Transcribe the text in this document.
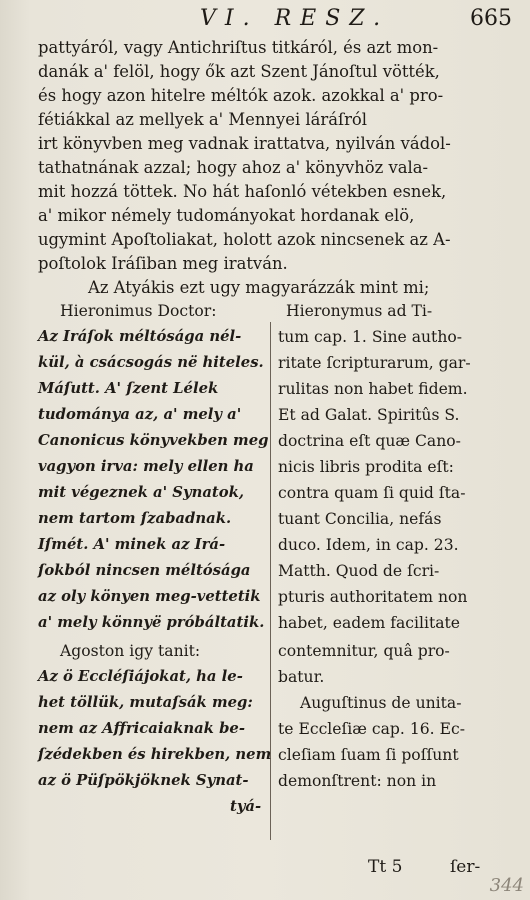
VI. RESZ.	665
pattyáról, vagy Antichriſtus titkáról, és azt mon-
danák a' felöl, hogy ők azt Szent Jánoſtul vötték,
és hogy azon hitelre méltók azok. azokkal a' pro-
fétiákkal az mellyek a' Mennyei láráſról
irt könyvben meg vadnak irattatva, nyilván vádol-
tathatnának azzal; hogy ahoz a' könyvhöz vala-
mit hozzá töttek. No hát haſonló vétekben esnek,
a' mikor némely tudományokat hordanak elö,
ugymint Apoſtoliakat, holott azok nincsenek az A-
poſtolok Iráſiban meg iratván.
Az Atyákis ezt ugy magyarázzák mint mi;
Hieronimus Doctor:
Az Iráſok méltósága nél-
kül, à csácsogás në hiteles.
Máſutt. A' ſzent Lélek
tudománya az, a' mely a'
Canonicus könyvekben meg
vagyon irva: mely ellen ha
mit végeznek a' Synatok,
nem tartom ſzabadnak.
Iſmét. A' minek az Irá-
ſokból nincsen méltósága
az oly könyen meg-vettetik
a' mely könnyë próbáltatik.
Agoston igy tanit:
Az ö Eccléſiájokat, ha le-
het töllük, mutaſsák meg:
nem az Affricaiaknak be-
ſzédekben és hirekben, nem
az ö Püſpökjöknek Synat-
tyá-
Hieronymus ad Ti-
tum cap. 1. Sine autho-
ritate ſcripturarum, gar-
rulitas non habet fidem.
Et ad Galat. Spiritûs S.
doctrina eſt quæ Cano-
nicis libris prodita eſt:
contra quam ſi quid ſta-
tuant Concilia, nefás
duco. Idem, in cap. 23.
Matth. Quod de ſcri-
pturis authoritatem non
habet, eadem facilitate
contemnitur, quâ pro-
batur.
Auguſtinus de unita-
te Eccleſiæ cap. 16. Ec-
cleſiam ſuam ſi poſſunt
demonſtrent: non in
Tt 5	ſer-
344
